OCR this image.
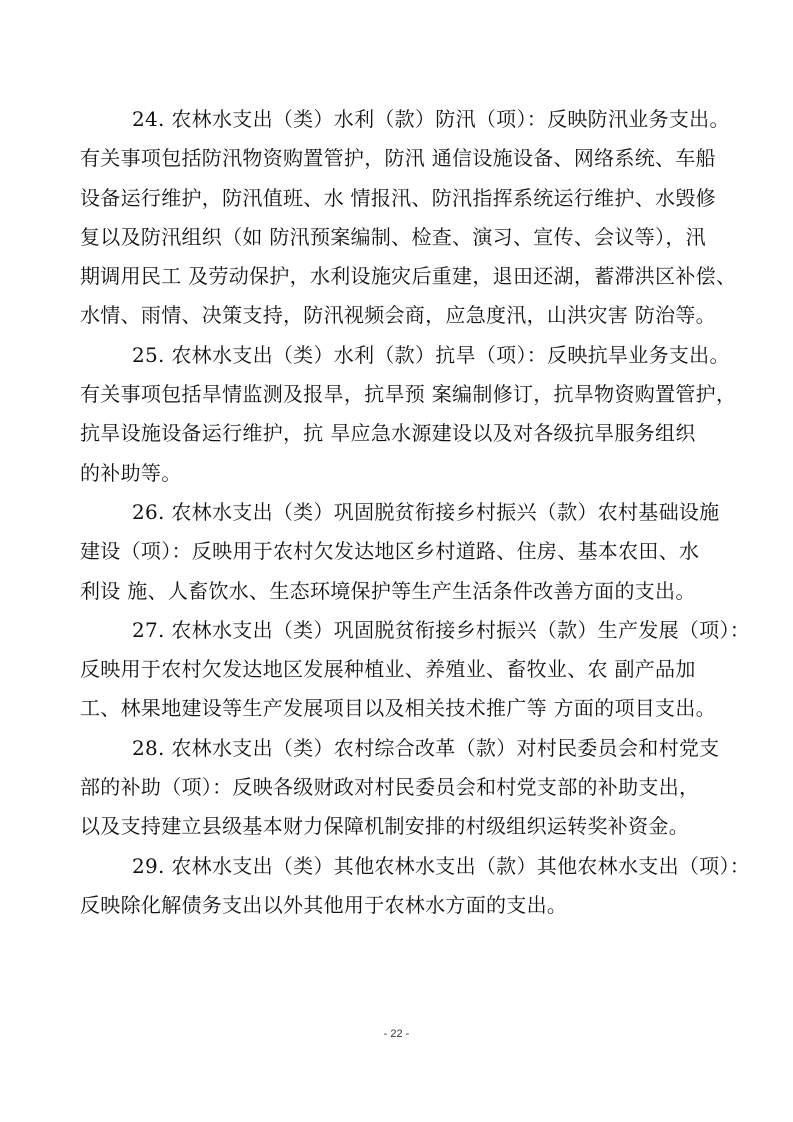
24. 农林水支出（类）水利（款）防汛（项）：反映防汛业务支出。
有关事项包括防汛物资购置管护，防汛 通信设施设备、网络系统、车船
设备运行维护，防汛值班、水 情报汛、防汛指挥系统运行维护、水毁修
复以及防汛组织（如 防汛预案编制、检查、演习、宣传、会议等），汛
期调用民工 及劳动保护，水利设施灾后重建，退田还湖，蓄滞洪区补偿、
水情、雨情、决策支持，防汛视频会商，应急度汛，山洪灾害 防治等。
25. 农林水支出（类）水利（款）抗旱（项）：反映抗旱业务支出。
有关事项包括旱情监测及报旱，抗旱预 案编制修订，抗旱物资购置管护，
抗旱设施设备运行维护，抗 旱应急水源建设以及对各级抗旱服务组织
的补助等。
26. 农林水支出（类）巩固脱贫衔接乡村振兴（款）农村基础设施
建设（项）：反映用于农村欠发达地区乡村道路、住房、基本农田、水
利设 施、人畜饮水、生态环境保护等生产生活条件改善方面的支出。
27. 农林水支出（类）巩固脱贫衔接乡村振兴（款）生产发展（项）：
反映用于农村欠发达地区发展种植业、养殖业、畜牧业、农 副产品加
工、林果地建设等生产发展项目以及相关技术推广等 方面的项目支出。
28. 农林水支出（类）农村综合改革（款）对村民委员会和村党支
部的补助（项）：反映各级财政对村民委员会和村党支部的补助支出，
以及支持建立县级基本财力保障机制安排的村级组织运转奖补资金。
29. 农林水支出（类）其他农林水支出（款）其他农林水支出（项）：
反映除化解债务支出以外其他用于农林水方面的支出。
- 22 -
